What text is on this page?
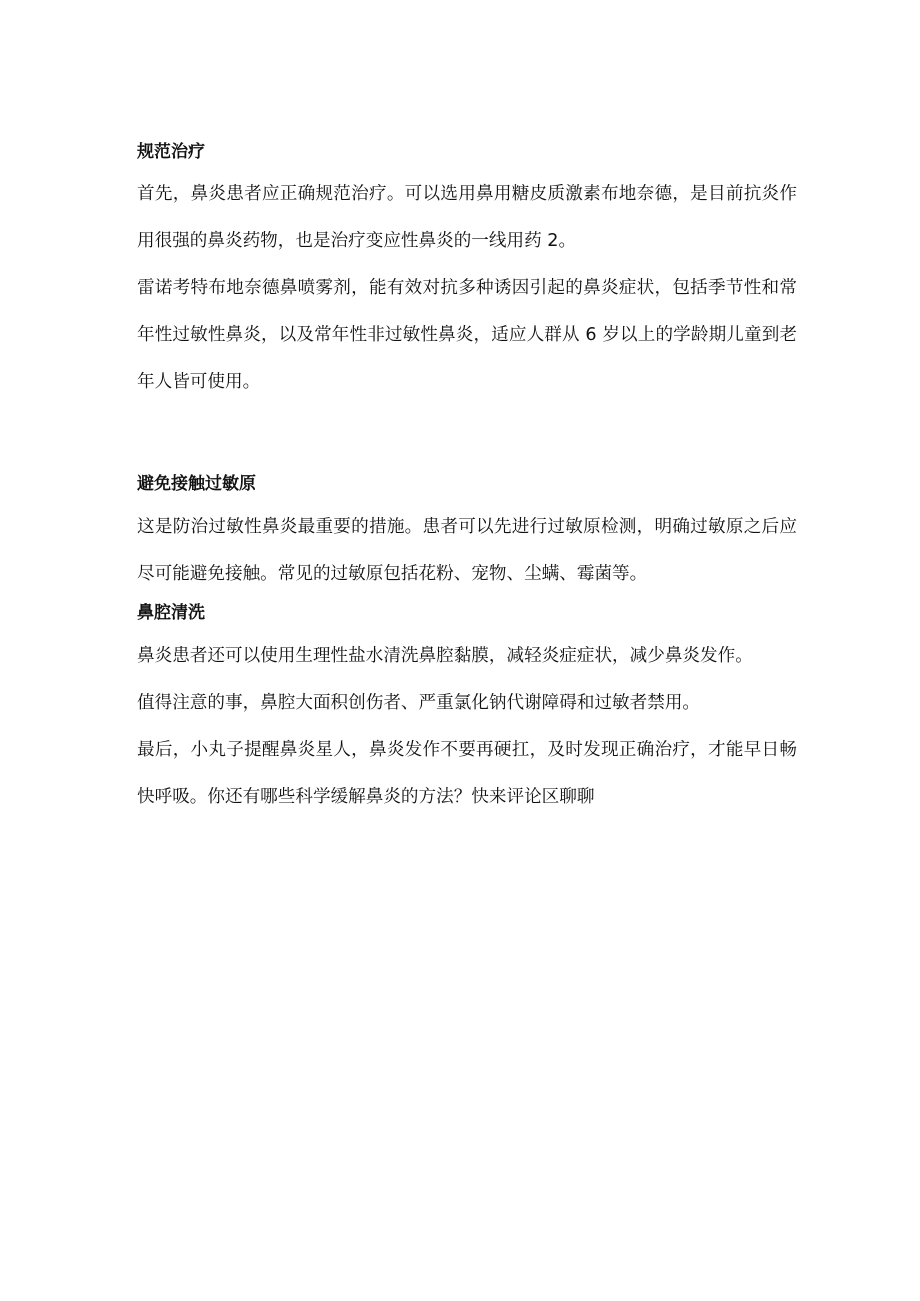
规范治疗

首先，鼻炎患者应正确规范治疗。可以选用鼻用糖皮质激素布地奈德，是目前抗炎作用很强的鼻炎药物，也是治疗变应性鼻炎的一线用药 2。

雷诺考特布地奈德鼻喷雾剂，能有效对抗多种诱因引起的鼻炎症状，包括季节性和常年性过敏性鼻炎，以及常年性非过敏性鼻炎，适应人群从 6 岁以上的学龄期儿童到老年人皆可使用。

避免接触过敏原

这是防治过敏性鼻炎最重要的措施。患者可以先进行过敏原检测，明确过敏原之后应尽可能避免接触。常见的过敏原包括花粉、宠物、尘螨、霉菌等。

鼻腔清洗

鼻炎患者还可以使用生理性盐水清洗鼻腔黏膜，减轻炎症症状，减少鼻炎发作。

值得注意的事，鼻腔大面积创伤者、严重氯化钠代谢障碍和过敏者禁用。

最后，小丸子提醒鼻炎星人，鼻炎发作不要再硬扛，及时发现正确治疗，才能早日畅快呼吸。你还有哪些科学缓解鼻炎的方法？快来评论区聊聊
